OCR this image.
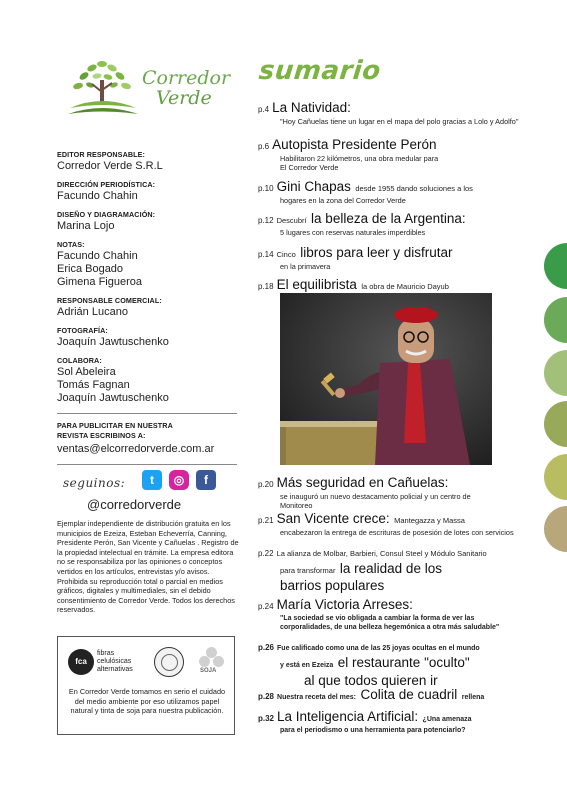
Corredor
Verde
EDITOR RESPONSABLE:
Corredor Verde S.R.L
DIRECCIÓN PERIODÍSTICA:
Facundo Chahin
DISEÑO Y DIAGRAMACIÓN:
Marina Lojo
NOTAS:
Facundo Chahin
Erica Bogado
Gimena Figueroa
RESPONSABLE COMERCIAL:
Adrián Lucano
FOTOGRAFÍA:
Joaquín Jawtuschenko
COLABORA:
Sol Abeleira
Tomás Fagnan
Joaquín Jawtuschenko
PARA PUBLICITAR EN NUESTRA
REVISTA ESCRIBINOS A:
ventas@elcorredorverde.com.ar
seguinos:	t	◎	f
@corredorverde
Ejemplar independiente de distribución gratuita en los municipios de Ezeiza, Esteban Echeverría, Canning, Presidente Perón, San Vicente y Cañuelas . Registro de la propiedad intelectual en trámite. La empresa editora no se responsabiliza por las opiniones o conceptos vertidos en los artículos, entrevistas y/o avisos. Prohibida su reproducción total o parcial en medios gráficos, digitales y multimediales, sin el debido consentimiento de Corredor Verde. Todos los derechos reservados.
fca
fibras
celulósicas
alternativas	SOJA
En Corredor Verde tomamos en serio el cuidado del medio ambiente por eso utilizamos papel natural y tinta de soja para nuestra publicación.
sumario
p.4 La Natividad:
"Hoy Cañuelas tiene un lugar en el mapa del polo gracias a Lolo y Adolfo"
p.6 Autopista Presidente Perón
Habilitaron 22 kilómetros, una obra medular para El Corredor Verde
p.10 Gini Chapas desde 1955 dando soluciones a los
hogares en la zona del Corredor Verde
p.12 Descubrí la belleza de la Argentina:
5 lugares con reservas naturales imperdibles
p.14 Cinco libros para leer y disfrutar
en la primavera
p.18 El equilibrista la obra de Mauricio Dayub
p.20 Más seguridad en Cañuelas:
se inauguró un nuevo destacamento policial y un centro de Monitoreo
p.21 San Vicente crece: Mantegazza y Massa
encabezaron la entrega de escrituras de posesión de lotes con servicios
p.22 La alianza de Molbar, Barbieri, Consul Steel y Módulo Sanitario
para transformar la realidad de los
barrios populares
p.24 María Victoria Arreses:
"La sociedad se vio obligada a cambiar la forma de ver las corporalidades, de una belleza hegemónica a otra más saludable"
p.26 Fue calificado como una de las 25 joyas ocultas en el mundo
y está en Ezeiza el restaurante "oculto"
al que todos quieren ir
p.28 Nuestra receta del mes: Colita de cuadril rellena
p.32 La Inteligencia Artificial: ¿Una amenaza
para el periodismo o una herramienta para potenciarlo?
